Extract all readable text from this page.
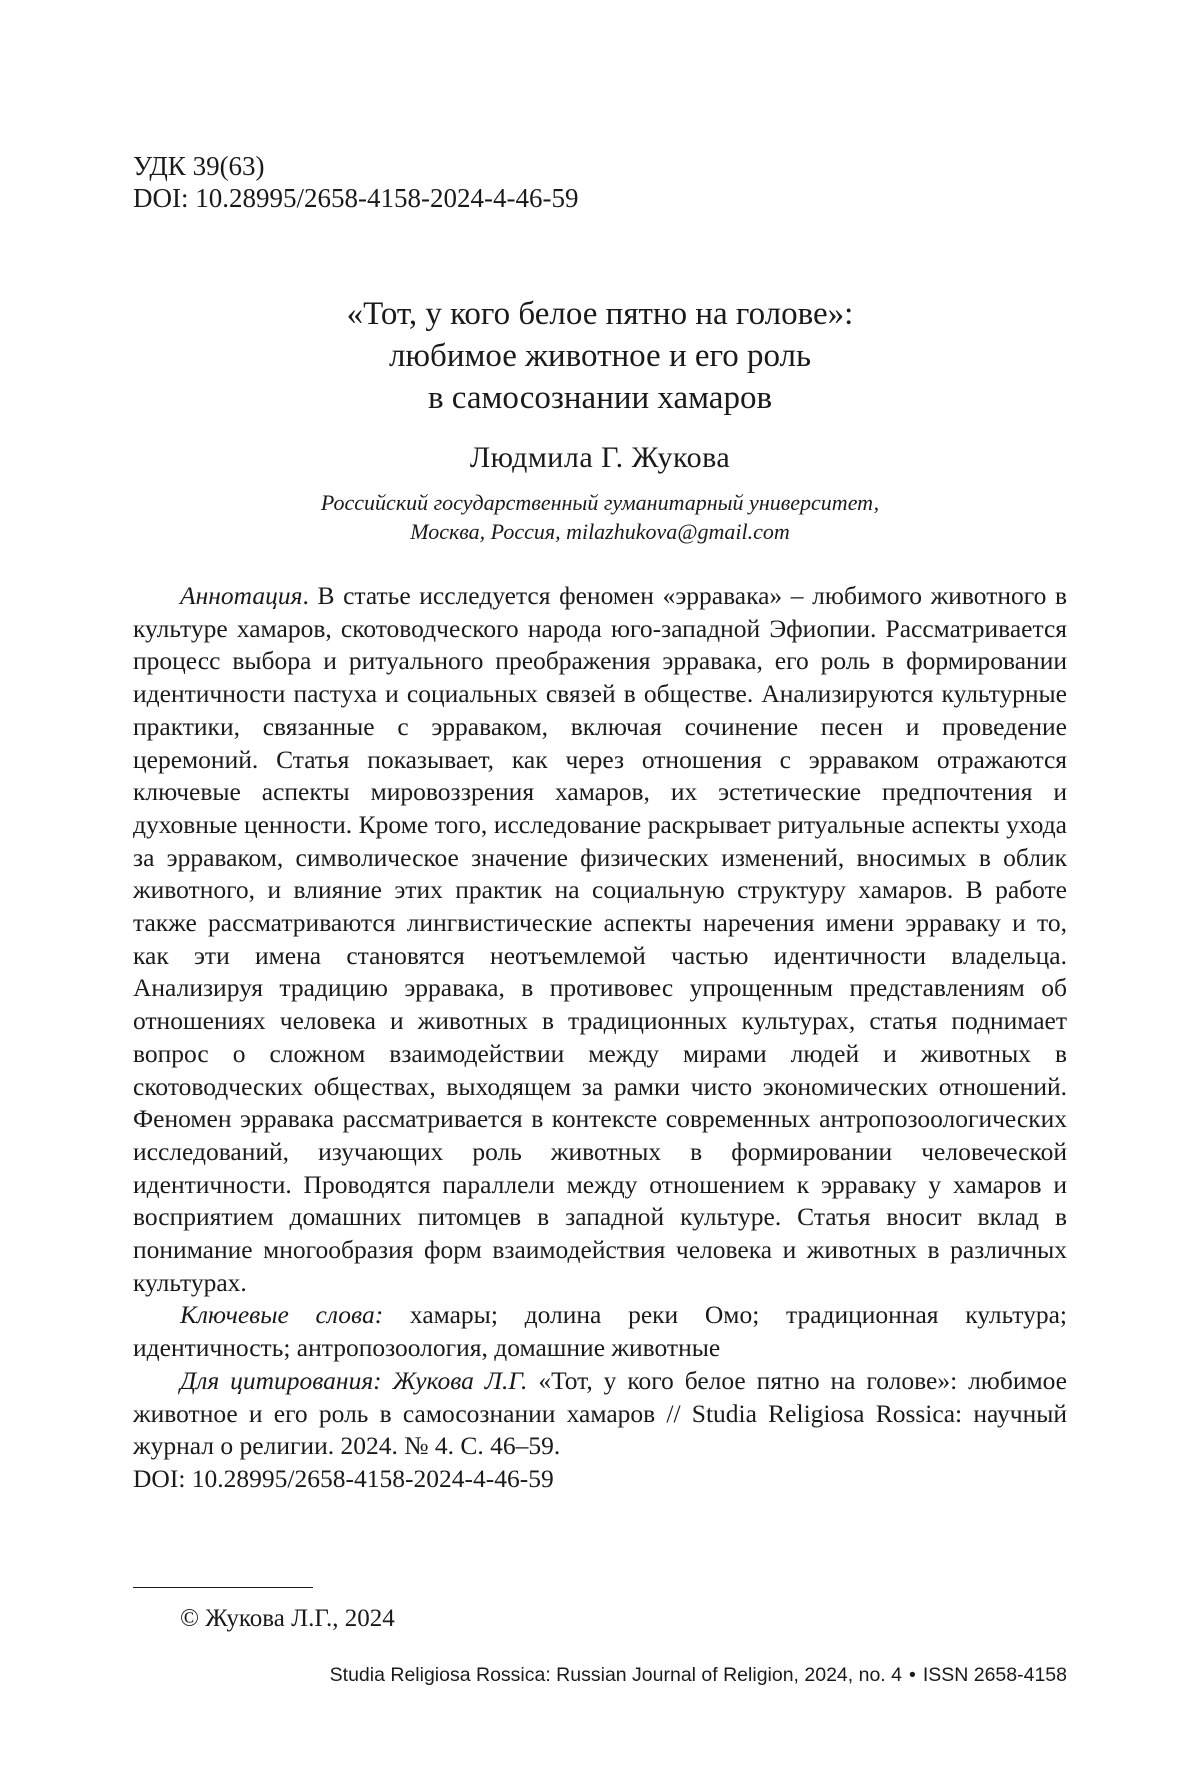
УДК 39(63)
DOI: 10.28995/2658-4158-2024-4-46-59
«Тот, у кого белое пятно на голове»:
любимое животное и его роль
в самосознании хамаров
Людмила Г. Жукова
Российский государственный гуманитарный университет,
Москва, Россия, milazhukova@gmail.com

Аннотация. В статье исследуется феномен «эрравака» – любимого животного в культуре хамаров, скотоводческого народа юго-западной Эфиопии. Рассматривается процесс выбора и ритуального преображения эрравака, его роль в формировании идентичности пастуха и социальных связей в обществе. Анализируются культурные практики, связанные с эрраваком, включая сочинение песен и проведение церемоний. Статья показывает, как через отношения с эрраваком отражаются ключевые аспекты мировоззрения хамаров, их эстетические предпочтения и духовные ценности. Кроме того, исследование раскрывает ритуальные аспекты ухода за эрраваком, символическое значение физических изменений, вносимых в облик животного, и влияние этих практик на социальную структуру хамаров. В работе также рассматриваются лингвистические аспекты наречения имени эрраваку и то, как эти имена становятся неотъемлемой частью идентичности владельца. Анализируя традицию эрравака, в противовес упрощенным представлениям об отношениях человека и животных в традиционных культурах, статья поднимает вопрос о сложном взаимодействии между мирами людей и животных в скотоводческих обществах, выходящем за рамки чисто экономических отношений. Феномен эрравака рассматривается в контексте современных антропозоологических исследований, изучающих роль животных в формировании человеческой идентичности. Проводятся параллели между отношением к эрраваку у хамаров и восприятием домашних питомцев в западной культуре. Статья вносит вклад в понимание многообразия форм взаимодействия человека и животных в различных культурах.

Ключевые слова: хамары; долина реки Омо; традиционная культура; идентичность; антропозоология, домашние животные

Для цитирования: Жукова Л.Г. «Тот, у кого белое пятно на голове»: любимое животное и его роль в самосознании хамаров // Studia Religiosa Rossica: научный журнал о религии. 2024. № 4. С. 46–59.
DOI: 10.28995/2658-4158-2024-4-46-59

© Жукова Л.Г., 2024
Studia Religiosa Rossica: Russian Journal of Religion, 2024, no. 4 • ISSN 2658-4158
